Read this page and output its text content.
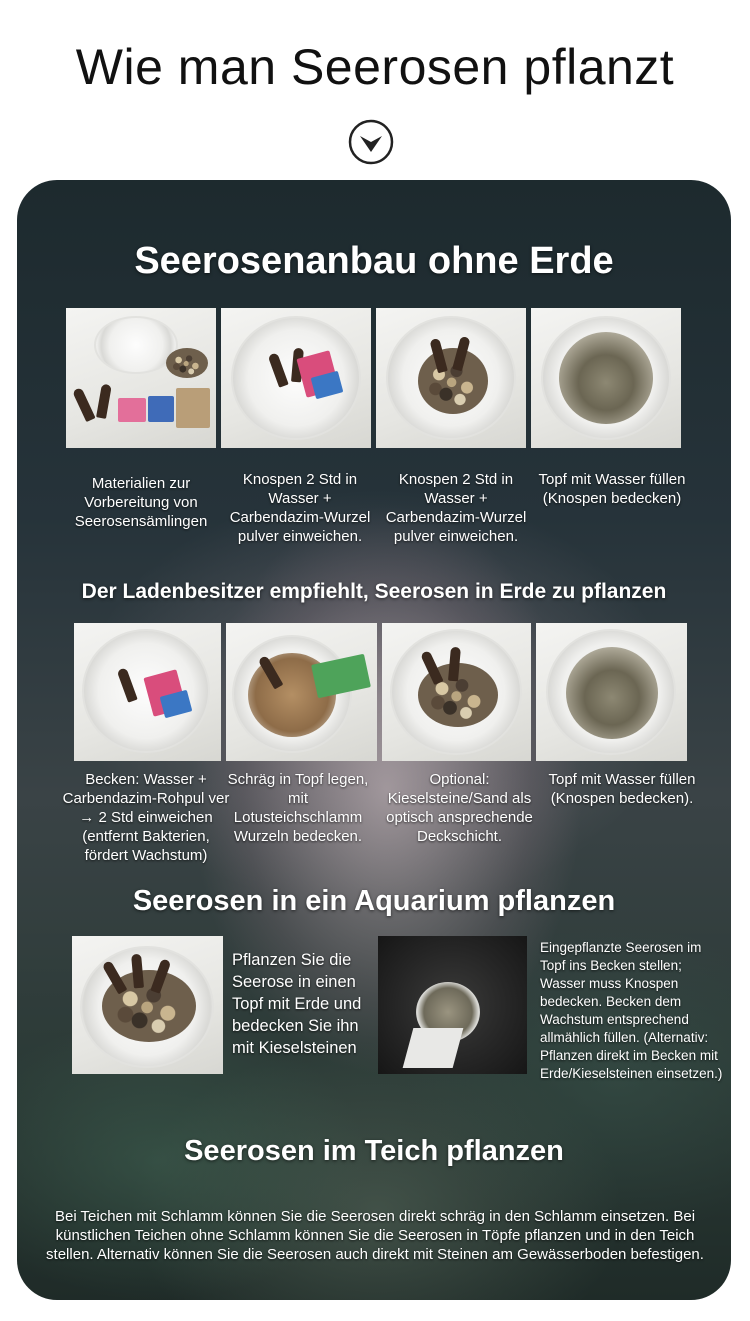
Wie man Seerosen pflanzt
Seerosenanbau ohne Erde
Materialien zur Vorbereitung von Seerosensämlingen
Knospen 2 Std in Wasser + Carbendazim-Wurzel pulver einweichen.
Knospen 2 Std in Wasser + Carbendazim-Wurzel pulver einweichen.
Topf mit Wasser füllen (Knospen bedecken)
Der Ladenbesitzer empfiehlt, Seerosen in Erde zu pflanzen
Becken: Wasser + Carbendazim-Rohpul ver → 2 Std einweichen (entfernt Bakterien, fördert Wachstum)
Schräg in Topf legen, mit Lotusteichschlamm Wurzeln bedecken.
Optional: Kieselsteine/Sand als optisch ansprechende Deckschicht.
Topf mit Wasser füllen (Knospen bedecken).
Seerosen in ein Aquarium pflanzen
Pflanzen Sie die Seerose in einen Topf mit Erde und bedecken Sie ihn mit Kieselsteinen
Eingepflanzte Seerosen im Topf ins Becken stellen; Wasser muss Knospen bedecken. Becken dem Wachstum entsprechend allmählich füllen. (Alternativ: Pflanzen direkt im Becken mit Erde/Kieselsteinen einsetzen.)
Seerosen im Teich pflanzen
Bei Teichen mit Schlamm können Sie die Seerosen direkt schräg in den Schlamm einsetzen. Bei künstlichen Teichen ohne Schlamm können Sie die Seerosen in Töpfe pflanzen und in den Teich stellen. Alternativ können Sie die Seerosen auch direkt mit Steinen am Gewässerboden befestigen.
